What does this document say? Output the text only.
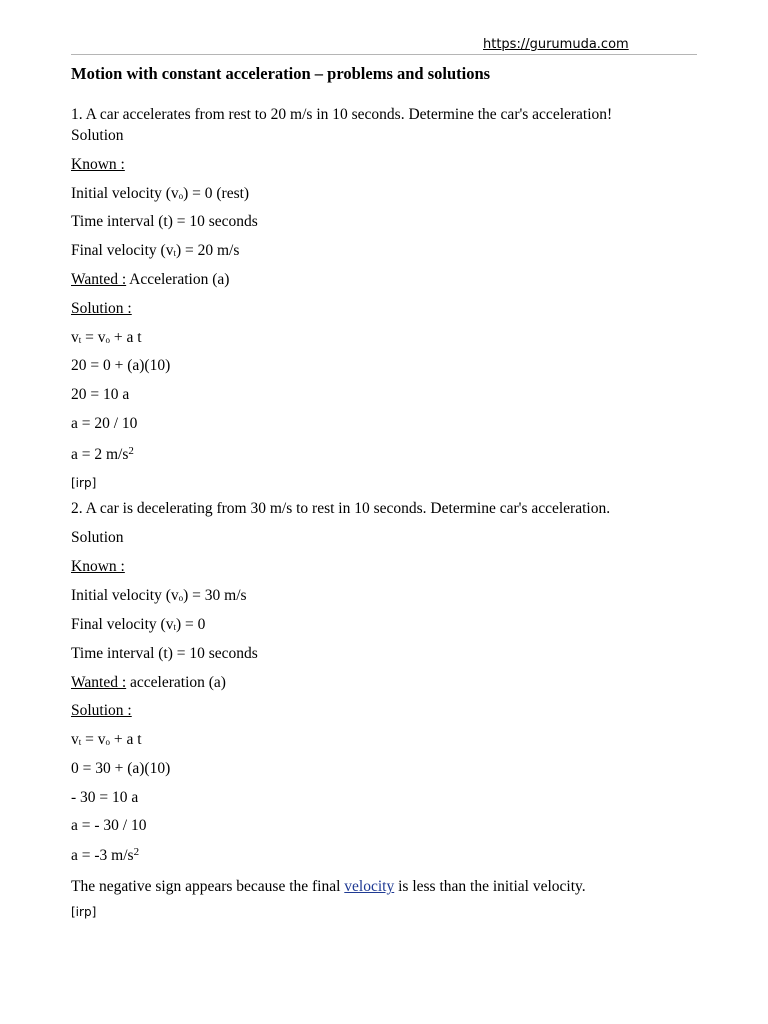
https://gurumuda.com
Motion with constant acceleration – problems and solutions
1. A car accelerates from rest to 20 m/s in 10 seconds. Determine the car's acceleration!
Solution
Known :
Initial velocity $(v_o) = 0$ (rest)
Time interval (t) = 10 seconds
Final velocity $(v_t) = 20$ m/s
Wanted : Acceleration (a)
Solution :
$v_t = v_o + a$ t
20 = 0 + (a)(10)
20 = 10 a
a = 20 / 10
a = 2 $m/s^2$
[irp]
2. A car is decelerating from 30 m/s to rest in 10 seconds. Determine car's acceleration.
Solution
Known :
Initial velocity $(v_o) = 30$ m/s
Final velocity $(v_t) = 0$
Time interval (t) = 10 seconds
Wanted : acceleration (a)
Solution :
$v_t = v_o + a$ t
0 = 30 + (a)(10)
- 30 = 10 a
a = - 30 / 10
a = -3 $m/s^2$
The negative sign appears because the final velocity is less than the initial velocity.
[irp]
